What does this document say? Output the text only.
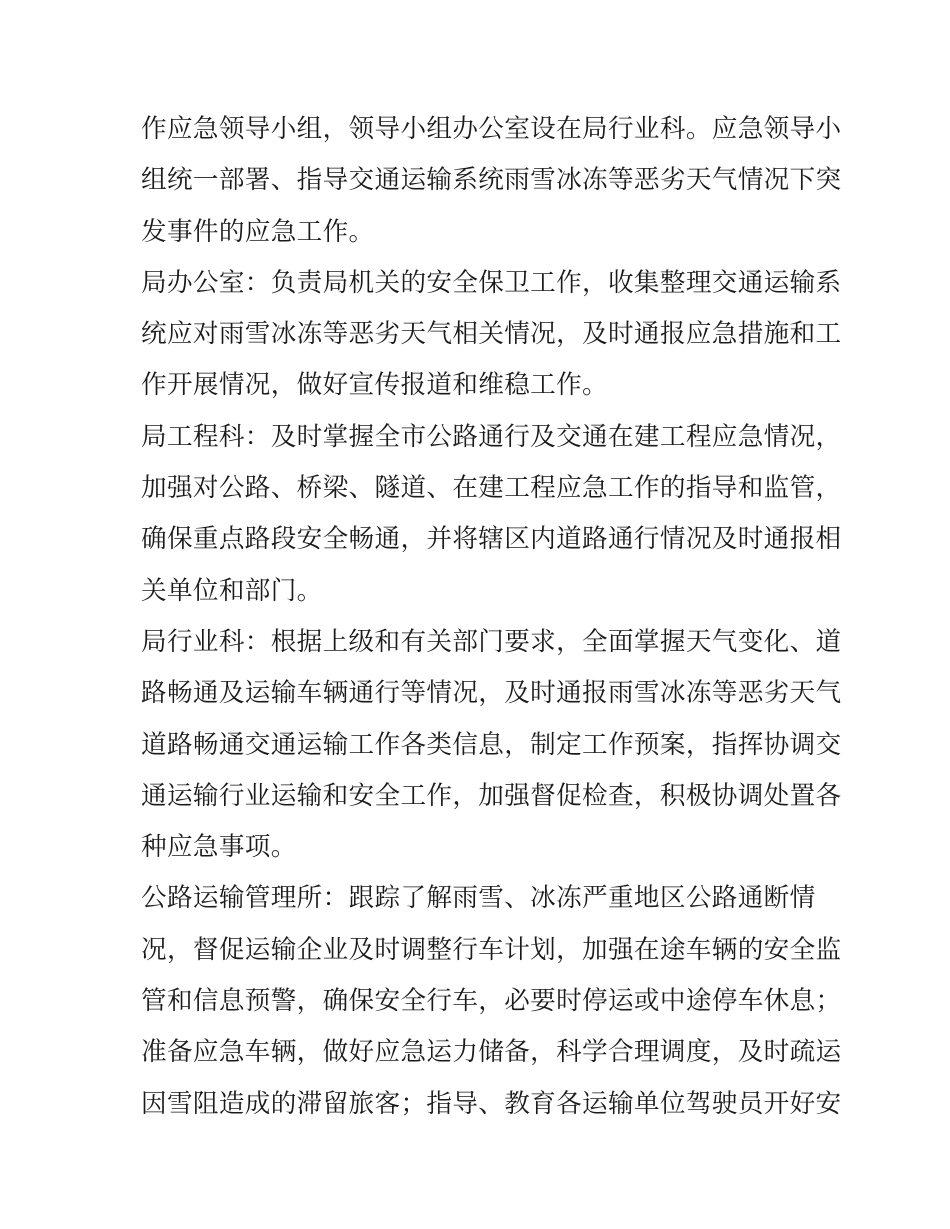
作应急领导小组，领导小组办公室设在局行业科。应急领导小
组统一部署、指导交通运输系统雨雪冰冻等恶劣天气情况下突
发事件的应急工作。
局办公室：负责局机关的安全保卫工作，收集整理交通运输系
统应对雨雪冰冻等恶劣天气相关情况，及时通报应急措施和工
作开展情况，做好宣传报道和维稳工作。
局工程科：及时掌握全市公路通行及交通在建工程应急情况，
加强对公路、桥梁、隧道、在建工程应急工作的指导和监管，
确保重点路段安全畅通，并将辖区内道路通行情况及时通报相
关单位和部门。
局行业科：根据上级和有关部门要求，全面掌握天气变化、道
路畅通及运输车辆通行等情况，及时通报雨雪冰冻等恶劣天气
道路畅通交通运输工作各类信息，制定工作预案，指挥协调交
通运输行业运输和安全工作，加强督促检查，积极协调处置各
种应急事项。
公路运输管理所：跟踪了解雨雪、冰冻严重地区公路通断情
况，督促运输企业及时调整行车计划，加强在途车辆的安全监
管和信息预警，确保安全行车，必要时停运或中途停车休息；
准备应急车辆，做好应急运力储备，科学合理调度，及时疏运
因雪阻造成的滞留旅客；指导、教育各运输单位驾驶员开好安
